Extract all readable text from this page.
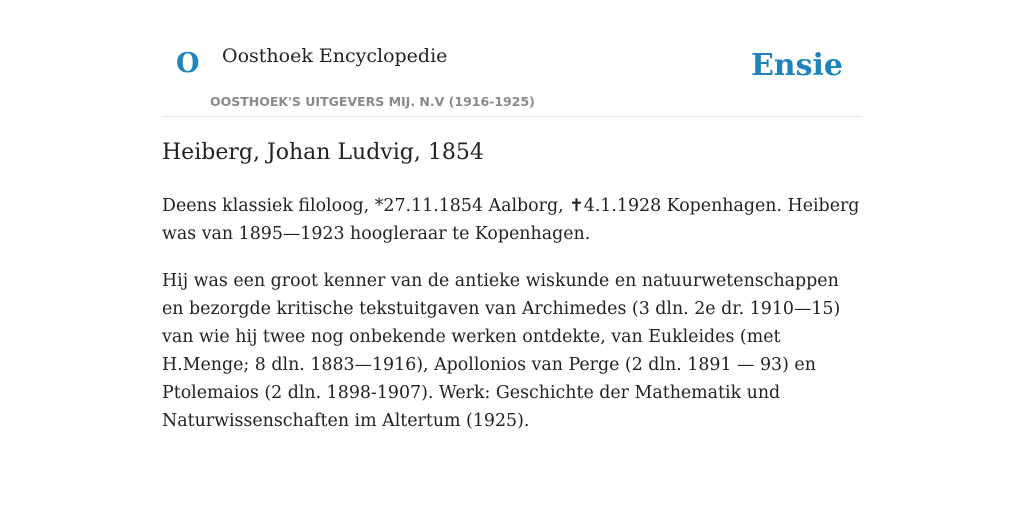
O Oosthoek Encyclopedie
OOSTHOEK'S UITGEVERS MIJ. N.V (1916-1925)
Ensie
Heiberg, Johan Ludvig, 1854

Deens klassiek filoloog, *27.11.1854 Aalborg, ✝4.1.1928 Kopenhagen. Heiberg was van 1895—1923 hoogleraar te Kopenhagen.

Hij was een groot kenner van de antieke wiskunde en natuurwetenschappen en bezorgde kritische tekstuitgaven van Archimedes (3 dln. 2e dr. 1910—15) van wie hij twee nog onbekende werken ontdekte, van Eukleides (met H.Menge; 8 dln. 1883—1916), Apollonios van Perge (2 dln. 1891 — 93) en Ptolemaios (2 dln. 1898-1907). Werk: Geschichte der Mathematik und Naturwissenschaften im Altertum (1925).
